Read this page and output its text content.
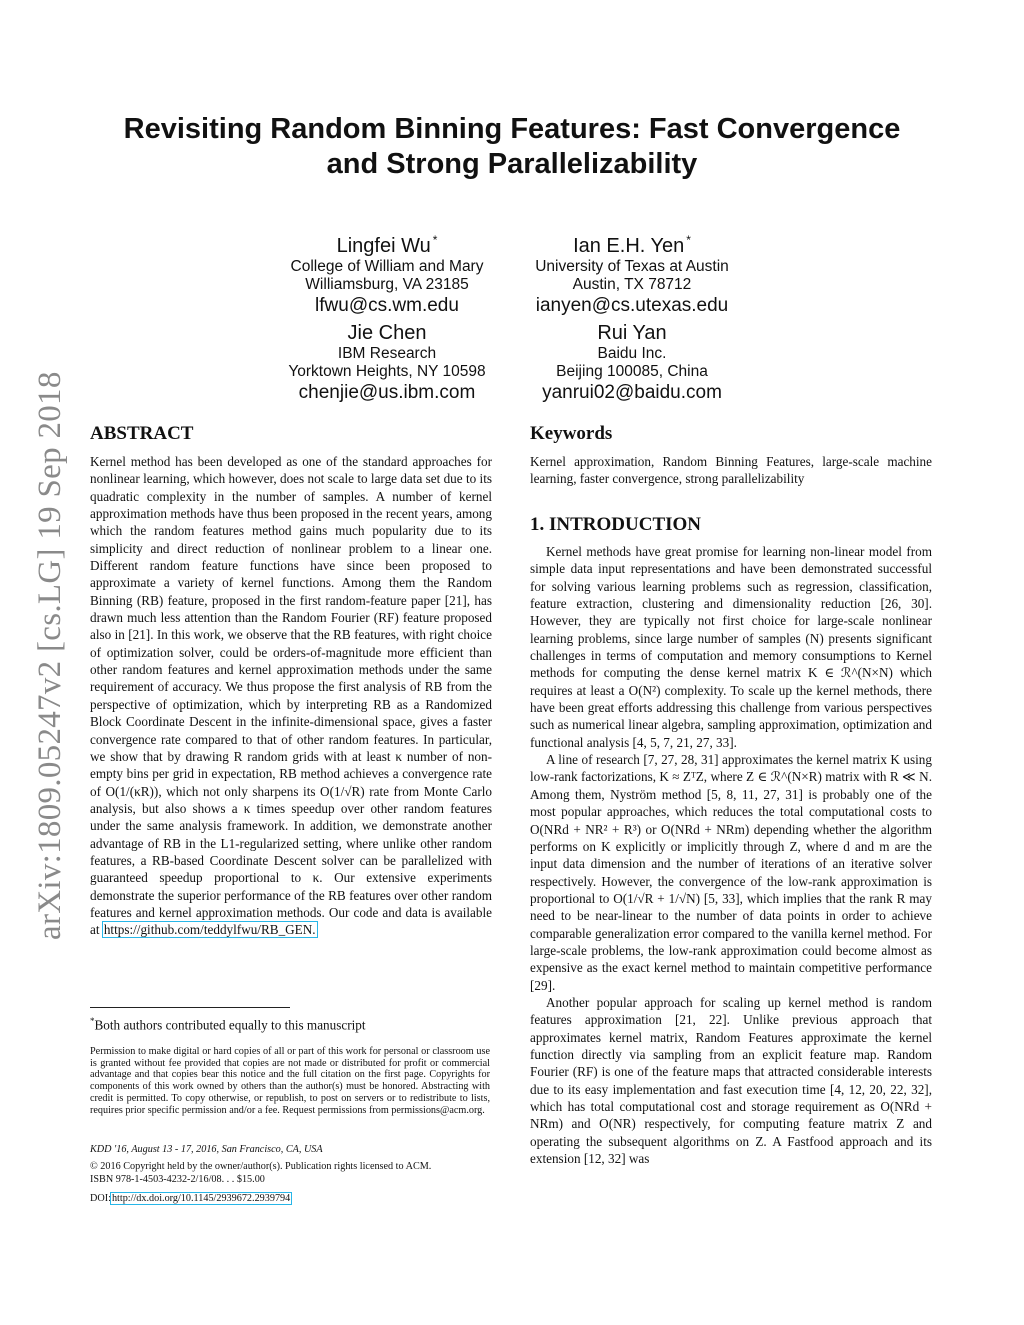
arXiv:1809.05247v2 [cs.LG] 19 Sep 2018
Revisiting Random Binning Features: Fast Convergence
and Strong Parallelizability
Lingfei Wu *
College of William and Mary
Williamsburg, VA 23185
lfwu@cs.wm.edu
Ian E.H. Yen *
University of Texas at Austin
Austin, TX 78712
ianyen@cs.utexas.edu
Jie Chen
IBM Research
Yorktown Heights, NY 10598
chenjie@us.ibm.com
Rui Yan
Baidu Inc.
Beijing 100085, China
yanrui02@baidu.com
ABSTRACT

Kernel method has been developed as one of the standard approaches for nonlinear learning, which however, does not scale to large data set due to its quadratic complexity in the number of samples. A number of kernel approximation methods have thus been proposed in the recent years, among which the random features method gains much popularity due to its simplicity and direct reduction of nonlinear problem to a linear one. Different random feature functions have since been proposed to approximate a variety of kernel functions. Among them the Random Binning (RB) feature, proposed in the first random-feature paper [21], has drawn much less attention than the Random Fourier (RF) feature proposed also in [21]. In this work, we observe that the RB features, with right choice of optimization solver, could be orders-of-magnitude more efficient than other random features and kernel approximation methods under the same requirement of accuracy. We thus propose the first analysis of RB from the perspective of optimization, which by interpreting RB as a Randomized Block Coordinate Descent in the infinite-dimensional space, gives a faster convergence rate compared to that of other random features. In particular, we show that by drawing R random grids with at least κ number of non-empty bins per grid in expectation, RB method achieves a convergence rate of O(1/(κR)), which not only sharpens its O(1/√R) rate from Monte Carlo analysis, but also shows a κ times speedup over other random features under the same analysis framework. In addition, we demonstrate another advantage of RB in the L1-regularized setting, where unlike other random features, a RB-based Coordinate Descent solver can be parallelized with guaranteed speedup proportional to κ. Our extensive experiments demonstrate the superior performance of the RB features over other random features and kernel approximation methods. Our code and data is available at https://github.com/teddylfwu/RB_GEN.

*Both authors contributed equally to this manuscript
Permission to make digital or hard copies of all or part of this work for personal or classroom use is granted without fee provided that copies are not made or distributed for profit or commercial advantage and that copies bear this notice and the full citation on the first page. Copyrights for components of this work owned by others than the author(s) must be honored. Abstracting with credit is permitted. To copy otherwise, or republish, to post on servers or to redistribute to lists, requires prior specific permission and/or a fee. Request permissions from permissions@acm.org.
KDD '16, August 13 - 17, 2016, San Francisco, CA, USA
© 2016 Copyright held by the owner/author(s). Publication rights licensed to ACM.
ISBN 978-1-4503-4232-2/16/08. . . $15.00
DOI:http://dx.doi.org/10.1145/2939672.2939794
Keywords
Kernel approximation, Random Binning Features, large-scale machine learning, faster convergence, strong parallelizability
1. INTRODUCTION

Kernel methods have great promise for learning non-linear model from simple data input representations and have been demonstrated successful for solving various learning problems such as regression, classification, feature extraction, clustering and dimensionality reduction [26, 30]. However, they are typically not first choice for large-scale nonlinear learning problems, since large number of samples (N) presents significant challenges in terms of computation and memory consumptions to Kernel methods for computing the dense kernel matrix K ∈ ℛ^(N×N) which requires at least a O(N²) complexity. To scale up the kernel methods, there have been great efforts addressing this challenge from various perspectives such as numerical linear algebra, sampling approximation, optimization and functional analysis [4, 5, 7, 21, 27, 33].

A line of research [7, 27, 28, 31] approximates the kernel matrix K using low-rank factorizations, K ≈ ZᵀZ, where Z ∈ ℛ^(N×R) matrix with R ≪ N. Among them, Nyström method [5, 8, 11, 27, 31] is probably one of the most popular approaches, which reduces the total computational costs to O(NRd + NR² + R³) or O(NRd + NRm) depending whether the algorithm performs on K explicitly or implicitly through Z, where d and m are the input data dimension and the number of iterations of an iterative solver respectively. However, the convergence of the low-rank approximation is proportional to O(1/√R + 1/√N) [5, 33], which implies that the rank R may need to be near-linear to the number of data points in order to achieve comparable generalization error compared to the vanilla kernel method. For large-scale problems, the low-rank approximation could become almost as expensive as the exact kernel method to maintain competitive performance [29].

Another popular approach for scaling up kernel method is random features approximation [21, 22]. Unlike previous approach that approximates kernel matrix, Random Features approximate the kernel function directly via sampling from an explicit feature map. Random Fourier (RF) is one of the feature maps that attracted considerable interests due to its easy implementation and fast execution time [4, 12, 20, 22, 32], which has total computational cost and storage requirement as O(NRd + NRm) and O(NR) respectively, for computing feature matrix Z and operating the subsequent algorithms on Z. A Fastfood approach and its extension [12, 32] was
